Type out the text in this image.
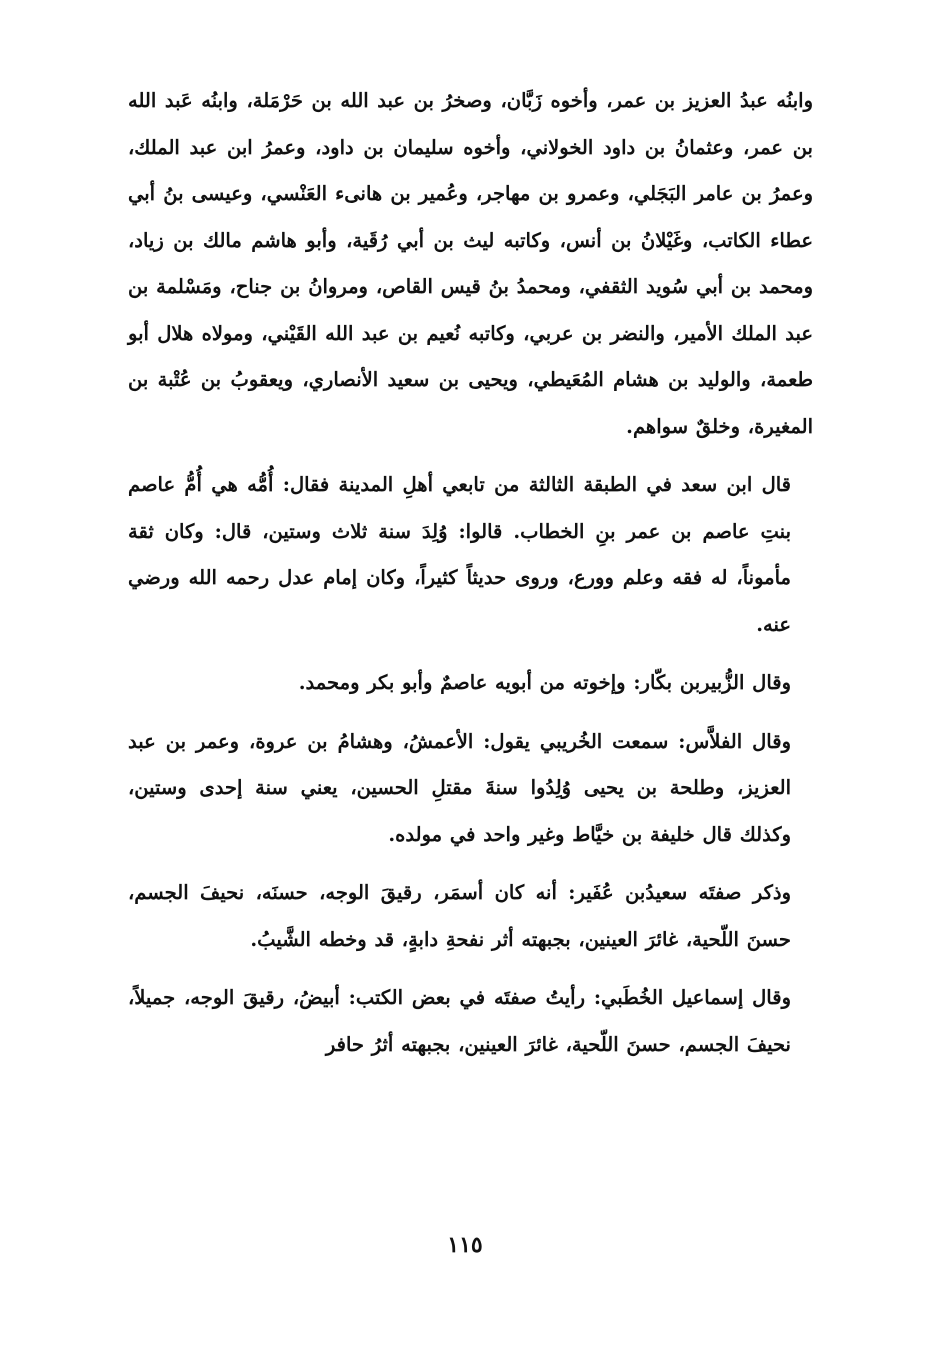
وابنُه عبدُ العزيز بن عمر، وأخوه زَبَّان، وصخرُ بن عبد الله بن حَرْمَلة، وابنُه عَبد الله بن عمر، وعثمانُ بن داود الخولاني، وأخوه سليمان بن داود، وعمرُ ابن عبد الملك، وعمرُ بن عامر البَجَلي، وعمرو بن مهاجر، وعُمير بن هانىء العَنْسي، وعيسى بنُ أبي عطاء الكاتب، وغَيْلانُ بن أنس، وكاتبه ليث بن أبي رُقَية، وأبو هاشم مالك بن زياد، ومحمد بن أبي سُويد الثقفي، ومحمدُ بنُ قيس القاص، ومروانُ بن جناح، ومَسْلمة بن عبد الملك الأمير، والنضر بن عربي، وكاتبه نُعيم بن عبد الله القَيْني، ومولاه هلال أبو طعمة، والوليد بن هشام المُعَيطي، ويحيى بن سعيد الأنصاري، ويعقوبُ بن عُتْبة بن المغيرة، وخلقٌ سواهم.

قال ابن سعد في الطبقة الثالثة من تابعي أهلِ المدينة فقال: أُمُّه هي أُمُّ عاصم بنتِ عاصم بن عمر بنِ الخطاب. قالوا: وُلِدَ سنة ثلاث وستين، قال: وكان ثقة مأموناً، له فقه وعلم وورع، وروى حديثاً كثيراً، وكان إمام عدل رحمه الله ورضي عنه.

وقال الزُّبيربن بكّار: وإخوته من أبويه عاصمٌ وأبو بكر ومحمد.

وقال الفلاَّس: سمعت الخُريبي يقول: الأعمشُ، وهشامُ بن عروة، وعمر بن عبد العزيز، وطلحة بن يحيى وُلِدُوا سنةَ مقتلِ الحسين، يعني سنة إحدى وستين، وكذلك قال خليفة بن خيَّاط وغير واحد في مولده.

وذكر صفتَه سعيدُبن عُفَير: أنه كان أسمَر، رقيقَ الوجه، حسنَه، نحيفَ الجسم، حسنَ اللّحية، غائرَ العينين، بجبهته أثر نفحةِ دابةٍ، قد وخطه الشَّيبُ.

وقال إسماعيل الخُطَبي: رأيتُ صفتَه في بعض الكتب: أبيضُ، رقيقَ الوجه، جميلاً، نحيفَ الجسم، حسنَ اللّحية، غائرَ العينين، بجبهته أثرُ حافر

١١٥
